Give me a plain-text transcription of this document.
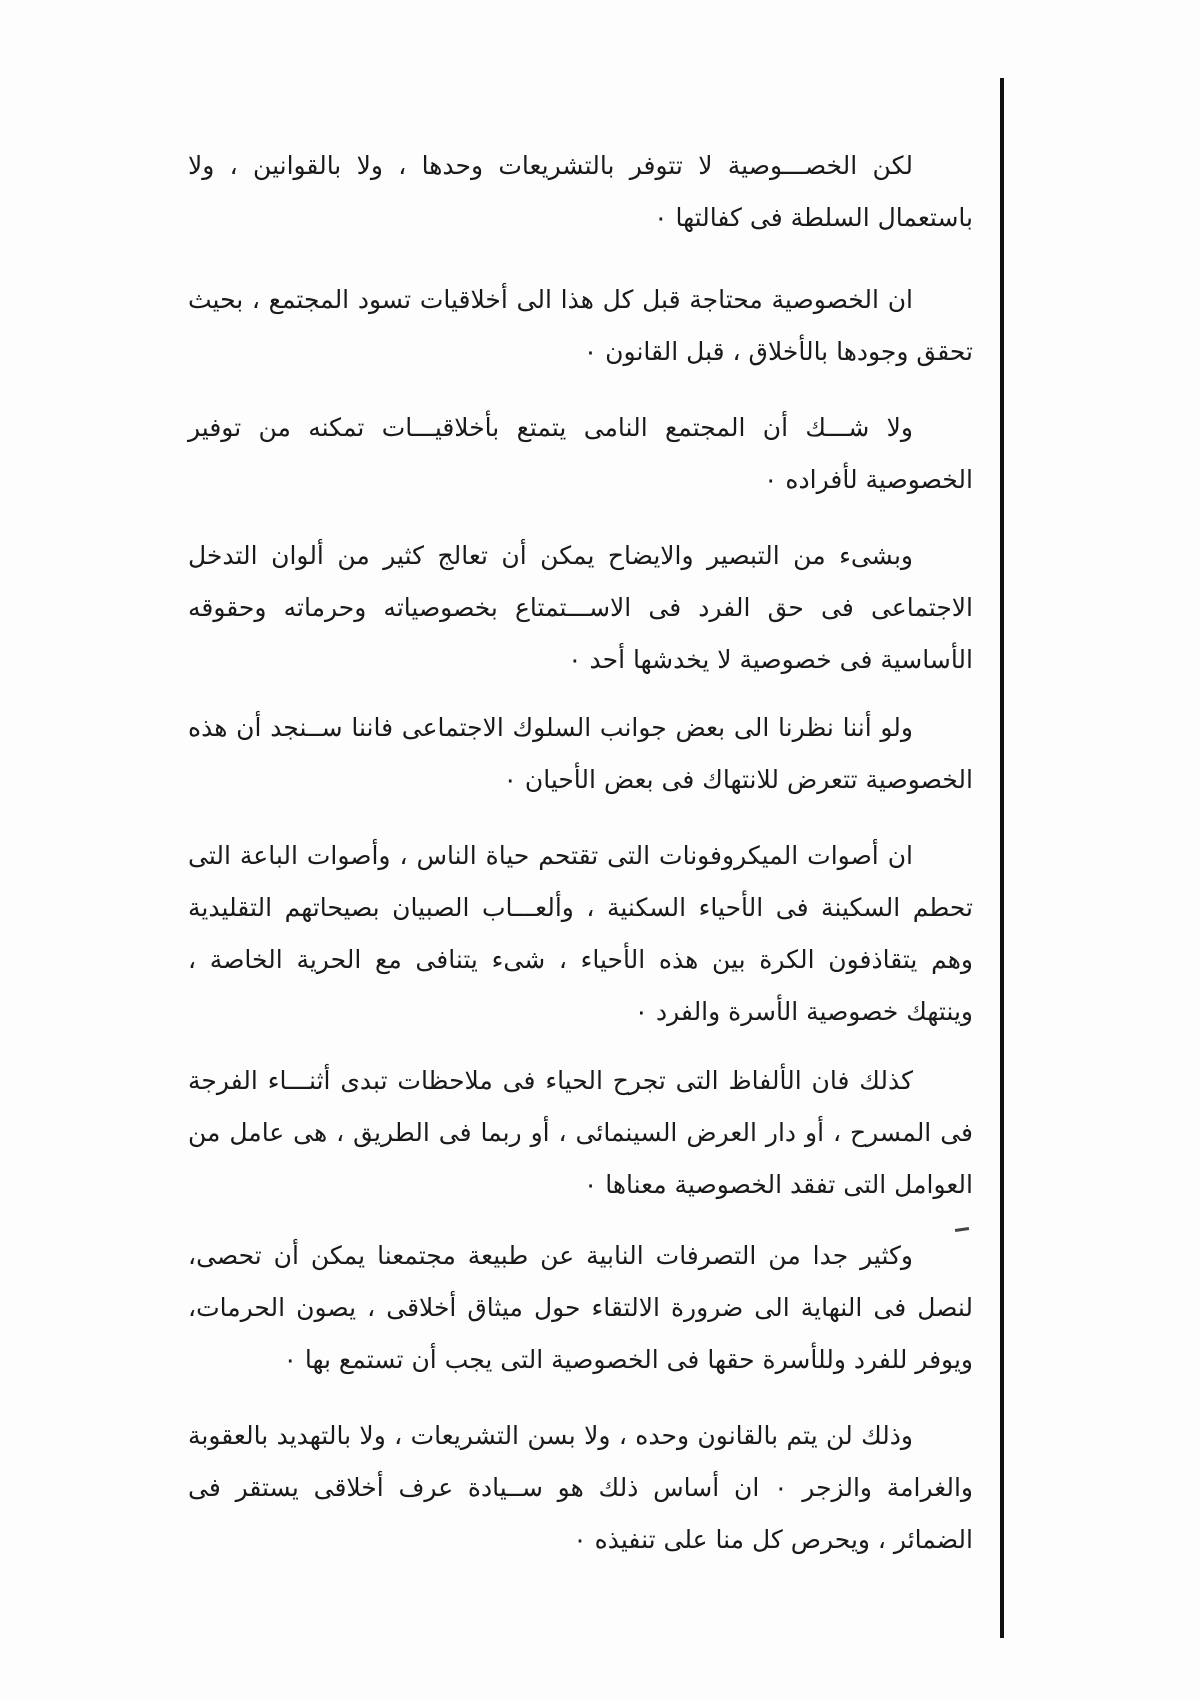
لكن الخصـــوصية لا تتوفر بالتشريعات وحدها ، ولا بالقوانين ، ولا باستعمال السلطة فى كفالتها ٠

ان الخصوصية محتاجة قبل كل هذا الى أخلاقيات تسود المجتمع ، بحيث تحقق وجودها بالأخلاق ، قبل القانون ٠

ولا شـــك أن المجتمع النامى يتمتع بأخلاقيـــات تمكنه من توفير الخصوصية لأفراده ٠

وبشىء من التبصير والايضاح يمكن أن تعالج كثير من ألوان التدخل الاجتماعى فى حق الفرد فى الاســـتمتاع بخصوصياته وحرماته وحقوقه الأساسية فى خصوصية لا يخدشها أحد ٠

ولو أننا نظرنا الى بعض جوانب السلوك الاجتماعى فاننا ســنجد أن هذه الخصوصية تتعرض للانتهاك فى بعض الأحيان ٠

ان أصوات الميكروفونات التى تقتحم حياة الناس ، وأصوات الباعة التى تحطم السكينة فى الأحياء السكنية ، وألعـــاب الصبيان بصيحاتهم التقليدية وهم يتقاذفون الكرة بين هذه الأحياء ، شىء يتنافى مع الحرية الخاصة ، وينتهك خصوصية الأسرة والفرد ٠

كذلك فان الألفاظ التى تجرح الحياء فى ملاحظات تبدى أثنـــاء الفرجة فى المسرح ، أو دار العرض السينمائى ، أو ربما فى الطريق ، هى عامل من العوامل التى تفقد الخصوصية معناها ٠

وكثير جدا من التصرفات النابية عن طبيعة مجتمعنا يمكن أن تحصى، لنصل فى النهاية الى ضرورة الالتقاء حول ميثاق أخلاقى ، يصون الحرمات، ويوفر للفرد وللأسرة حقها فى الخصوصية التى يجب أن تستمع بها ٠

وذلك لن يتم بالقانون وحده ، ولا بسن التشريعات ، ولا بالتهديد بالعقوبة والغرامة والزجر ٠ ان أساس ذلك هو ســيادة عرف أخلاقى يستقر فى الضمائر ، ويحرص كل منا على تنفيذه ٠
